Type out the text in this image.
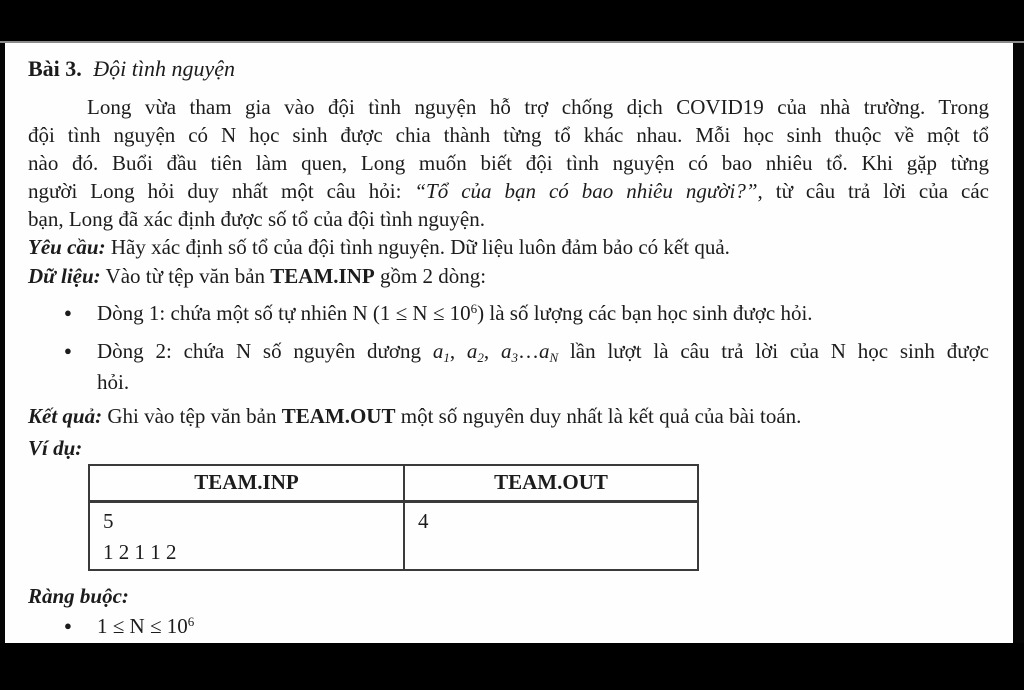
Bài 3. Đội tình nguyện
Long vừa tham gia vào đội tình nguyện hỗ trợ chống dịch COVID19 của nhà trường. Trong
đội tình nguyện có N học sinh được chia thành từng tổ khác nhau. Mỗi học sinh thuộc về một tổ
nào đó. Buổi đầu tiên làm quen, Long muốn biết đội tình nguyện có bao nhiêu tổ. Khi gặp từng
người Long hỏi duy nhất một câu hỏi: “Tổ của bạn có bao nhiêu người?”, từ câu trả lời của các
bạn, Long đã xác định được số tổ của đội tình nguyện.
Yêu cầu: Hãy xác định số tổ của đội tình nguyện. Dữ liệu luôn đảm bảo có kết quả.
Dữ liệu: Vào từ tệp văn bản TEAM.INP gồm 2 dòng:
●	Dòng 1: chứa một số tự nhiên N $(1 \le N \le 10^6)$ là số lượng các bạn học sinh được hỏi.
●	Dòng 2: chứa N số nguyên dương a1, a2, a3…aN lần lượt là câu trả lời của N học sinh được
hỏi.
Kết quả: Ghi vào tệp văn bản TEAM.OUT một số nguyên duy nhất là kết quả của bài toán.
Ví dụ:
TEAM.INP	TEAM.OUT

5
1 2 1 1 2	4
Ràng buộc:
●	$1 \le N \le 10^6$
